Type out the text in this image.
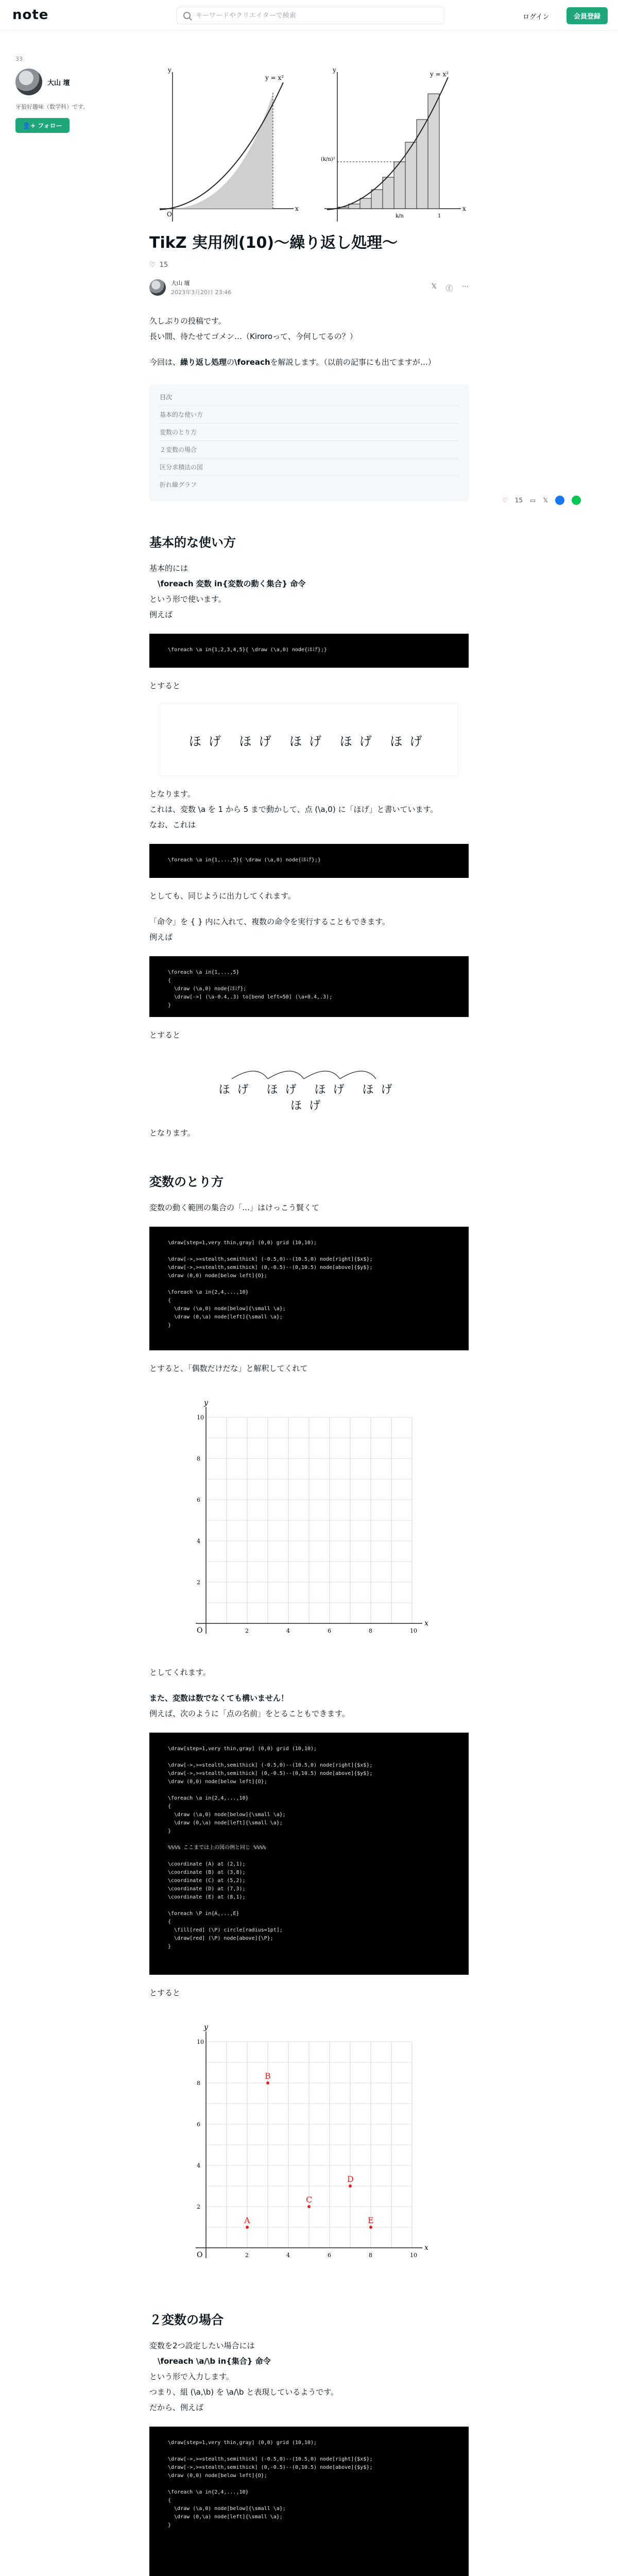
note
キーワードやクリエイターで検索	ログイン	会員登録
33
大山 壇
牙狼好趣味（数学科）です。
👤+ フォロー
♡ 15 ▭ 𝕏
y = x²
x
y
O
y = x²
x
y
(k/n)²
k/n	1
TikZ 実用例(10)〜繰り返し処理〜
♡ 15
大山 壇
2023年3月20日 23:46
𝕏 ⓕ ⋯
久しぶりの投稿です。
長い間、待たせてゴメン…（Kiroroって、今何してるの？）
今回は、繰り返し処理の\foreachを解説します。（以前の記事にも出てますが…）
目次
基本的な使い方
変数のとり方
２変数の場合
区分求積法の図
折れ線グラフ
基本的な使い方
基本的には
\foreach 変数 in{変数の動く集合} 命令
という形で使います。
例えば
\foreach \a in{1,2,3,4,5}{ \draw (\a,0) node{ほげ};}
とすると
ほげ ほげ ほげ ほげ ほげ
となります。
これは、変数 \a を 1 から 5 まで動かして、点 (\a,0) に「ほげ」と書いています。
なお、これは
\foreach \a in{1,...,5}{ \draw (\a,0) node{ほげ};}
としても、同じように出力してくれます。
「命令」を { } 内に入れて、複数の命令を実行することもできます。
例えば
\foreach \a in{1,...,5}
{
\draw (\a,0) node{ほげ};
\draw[->] (\a-0.4,.3) to[bend left=50] (\a+0.4,.3);
}
とすると
ほげ ほげ ほげ ほげ ほげ
となります。
変数のとり方
変数の動く範囲の集合の「…」はけっこう賢くて
\draw[step=1,very thin,gray] (0,0) grid (10,10);

\draw[->,>=stealth,semithick] (-0.5,0)--(10.5,0) node[right]{$x$};
\draw[->,>=stealth,semithick] (0,-0.5)--(0,10.5) node[above]{$y$};
\draw (0,0) node[below left]{O};

\foreach \a in{2,4,...,10}
{
\draw (\a,0) node[below]{\small \a};
\draw (0,\a) node[left]{\small \a};
}
とすると、「偶数だけだな」と解釈してくれて
x
y
O	2
2
4
4
6
6
8
8
10
10
としてくれます。
また、変数は数でなくても構いません！
例えば、次のように「点の名前」をとることもできます。
\draw[step=1,very thin,gray] (0,0) grid (10,10);

\draw[->,>=stealth,semithick] (-0.5,0)--(10.5,0) node[right]{$x$};
\draw[->,>=stealth,semithick] (0,-0.5)--(0,10.5) node[above]{$y$};
\draw (0,0) node[below left]{O};

\foreach \a in{2,4,...,10}
{
\draw (\a,0) node[below]{\small \a};
\draw (0,\a) node[left]{\small \a};
}

%%%% ここまでは上の図の例と同じ %%%%

\coordinate (A) at (2,1);
\coordinate (B) at (3,8);
\coordinate (C) at (5,2);
\coordinate (D) at (7,3);
\coordinate (E) at (8,1);

\foreach \P in{A,...,E}
{
\fill[red] (\P) circle[radius=1pt];
\draw[red] (\P) node[above]{\P};
}
とすると
x
y
O	2
2
4
4
6
6
8
8
10
10
A
B
C
D
E
２変数の場合
変数を2つ設定したい場合には
\foreach \a/\b in{集合} 命令
という形で入力します。
つまり、組 (\a,\b) を \a/\b と表現しているようです。
だから、例えば
\draw[step=1,very thin,gray] (0,0) grid (10,10);

\draw[->,>=stealth,semithick] (-0.5,0)--(10.5,0) node[right]{$x$};
\draw[->,>=stealth,semithick] (0,-0.5)--(0,10.5) node[above]{$y$};
\draw (0,0) node[below left]{O};

\foreach \a in{2,4,...,10}
{
\draw (\a,0) node[below]{\small \a};
\draw (0,\a) node[left]{\small \a};
}
